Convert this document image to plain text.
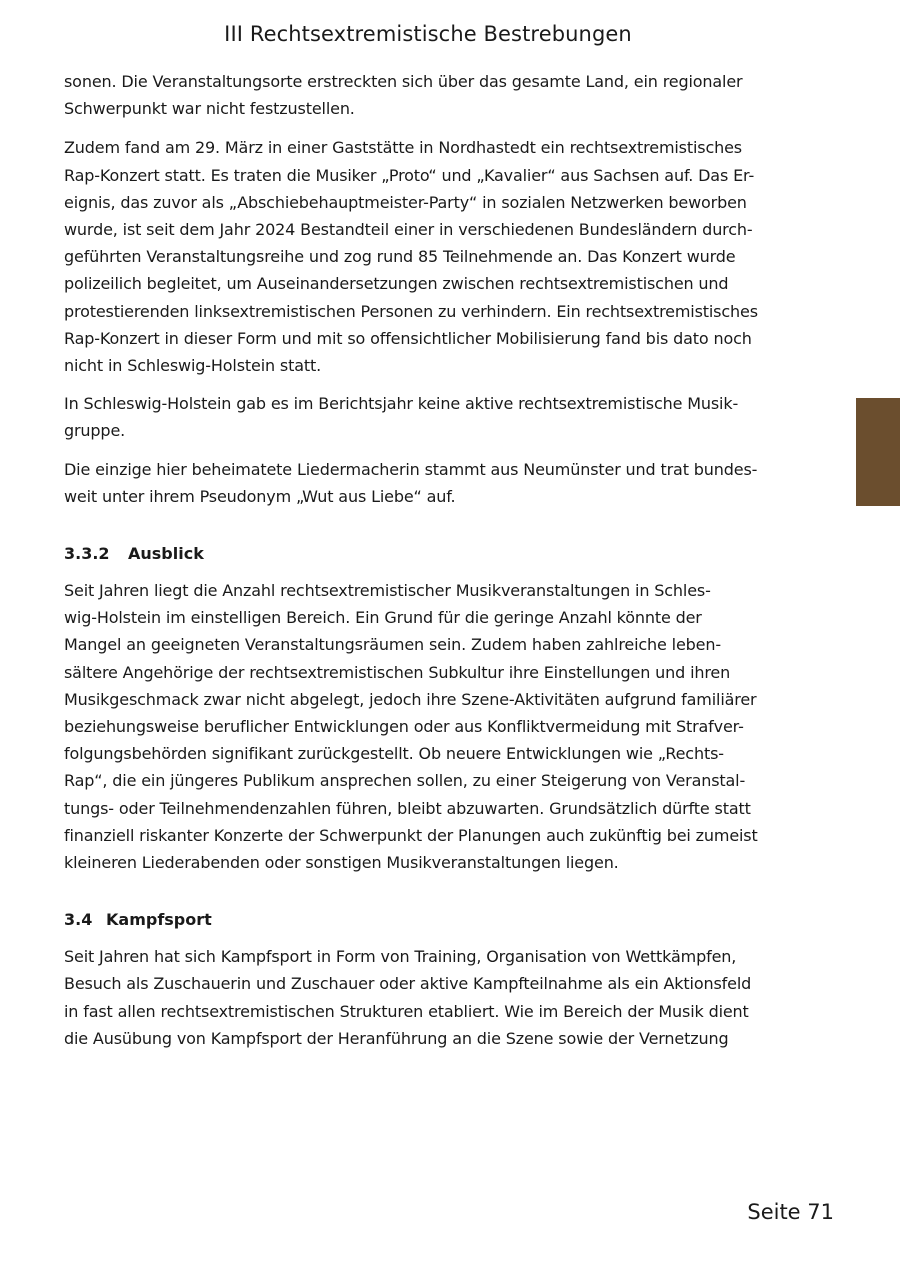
III Rechtsextremistische Bestrebungen

sonen. Die Veranstaltungsorte erstreckten sich über das gesamte Land, ein regionaler
Schwerpunkt war nicht festzustellen.

Zudem fand am 29. März in einer Gaststätte in Nordhastedt ein rechtsextremistisches
Rap-Konzert statt. Es traten die Musiker „Proto“ und „Kavalier“ aus Sachsen auf. Das Er-
eignis, das zuvor als „Abschiebehauptmeister-Party“ in sozialen Netzwerken beworben
wurde, ist seit dem Jahr 2024 Bestandteil einer in verschiedenen Bundesländern durch-
geführten Veranstaltungsreihe und zog rund 85 Teilnehmende an. Das Konzert wurde
polizeilich begleitet, um Auseinandersetzungen zwischen rechtsextremistischen und
protestierenden linksextremistischen Personen zu verhindern. Ein rechtsextremistisches
Rap-Konzert in dieser Form und mit so offensichtlicher Mobilisierung fand bis dato noch
nicht in Schleswig-Holstein statt.

In Schleswig-Holstein gab es im Berichtsjahr keine aktive rechtsextremistische Musik-
gruppe.

Die einzige hier beheimatete Liedermacherin stammt aus Neumünster und trat bundes-
weit unter ihrem Pseudonym „Wut aus Liebe“ auf.

3.3.2	Ausblick

Seit Jahren liegt die Anzahl rechtsextremistischer Musikveranstaltungen in Schles-
wig-Holstein im einstelligen Bereich. Ein Grund für die geringe Anzahl könnte der
Mangel an geeigneten Veranstaltungsräumen sein. Zudem haben zahlreiche leben-
sältere Angehörige der rechtsextremistischen Subkultur ihre Einstellungen und ihren
Musikgeschmack zwar nicht abgelegt, jedoch ihre Szene-Aktivitäten aufgrund familiärer
beziehungsweise beruflicher Entwicklungen oder aus Konfliktvermeidung mit Strafver-
folgungsbehörden signifikant zurückgestellt. Ob neuere Entwicklungen wie „Rechts-
Rap“, die ein jüngeres Publikum ansprechen sollen, zu einer Steigerung von Veranstal-
tungs- oder Teilnehmendenzahlen führen, bleibt abzuwarten. Grundsätzlich dürfte statt
finanziell riskanter Konzerte der Schwerpunkt der Planungen auch zukünftig bei zumeist
kleineren Liederabenden oder sonstigen Musikveranstaltungen liegen.

3.4 Kampfsport

Seit Jahren hat sich Kampfsport in Form von Training, Organisation von Wettkämpfen,
Besuch als Zuschauerin und Zuschauer oder aktive Kampfteilnahme als ein Aktionsfeld
in fast allen rechtsextremistischen Strukturen etabliert. Wie im Bereich der Musik dient
die Ausübung von Kampfsport der Heranführung an die Szene sowie der Vernetzung

Seite 71
